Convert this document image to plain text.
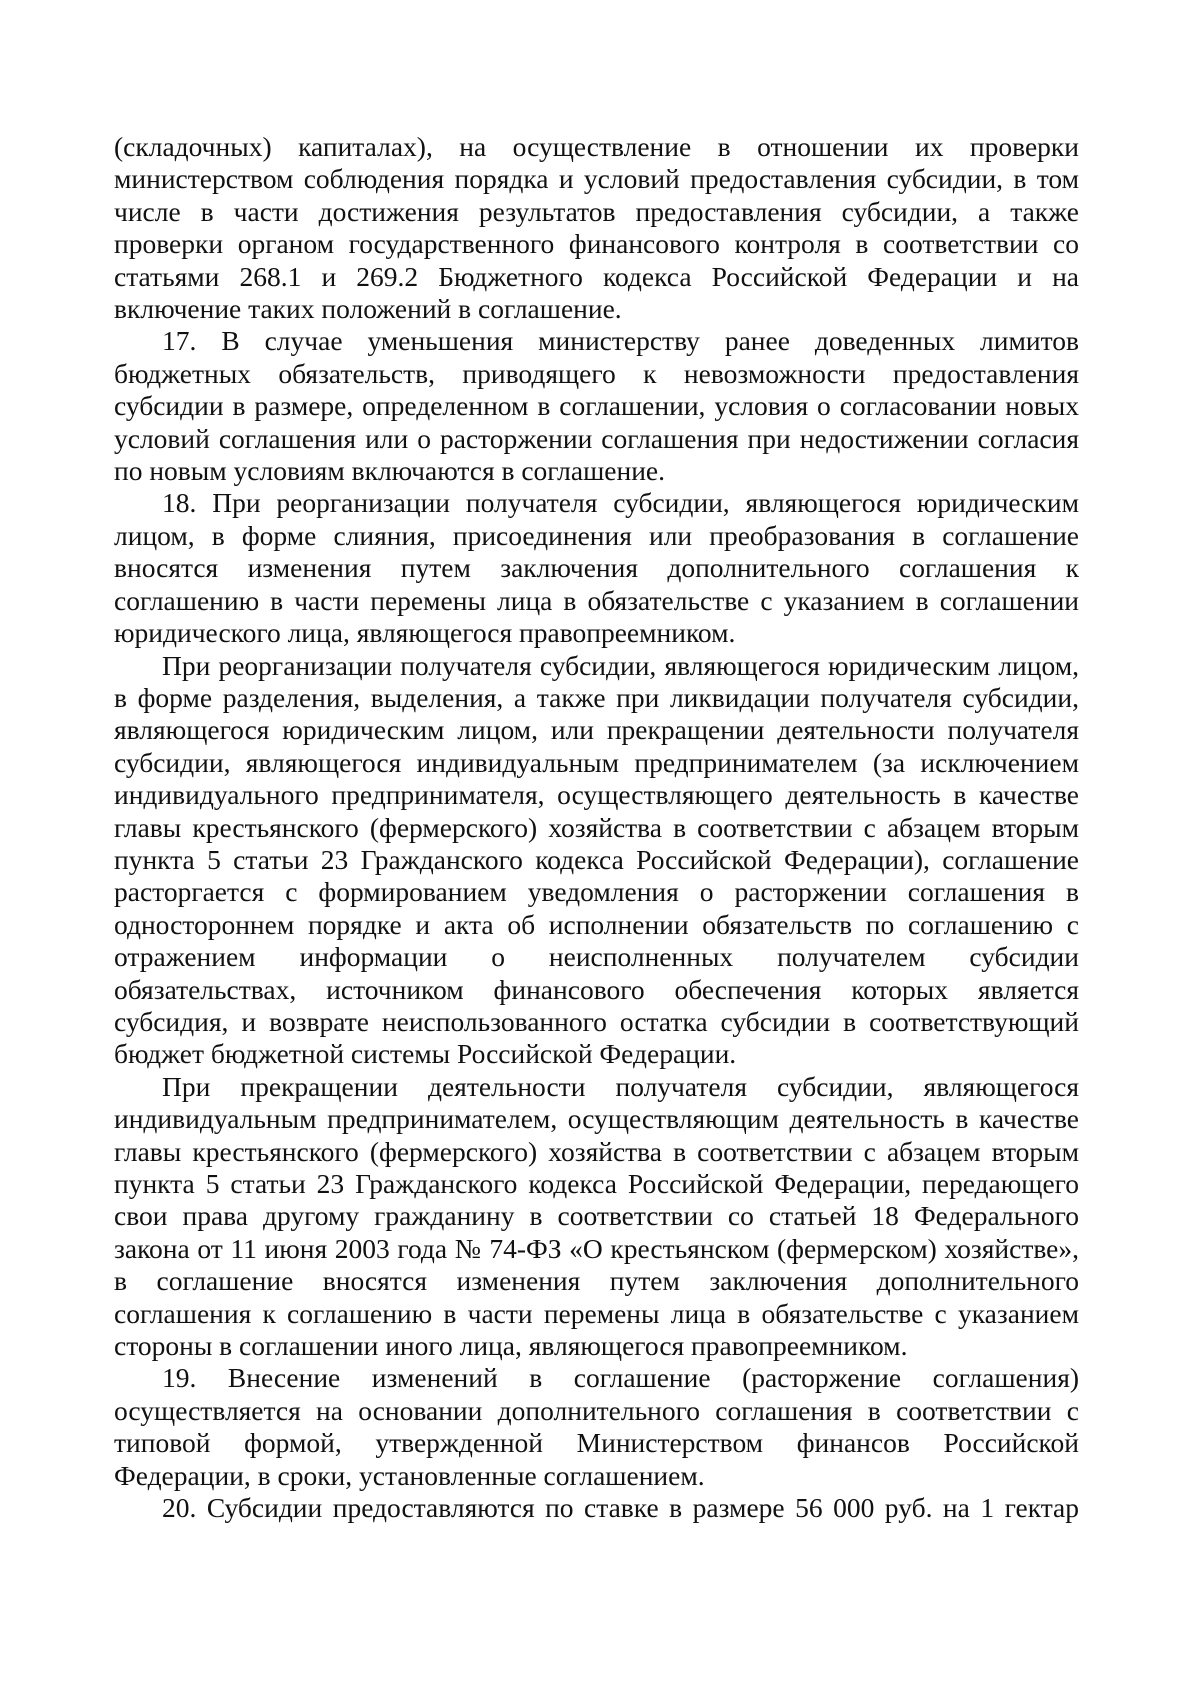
(складочных) капиталах), на осуществление в отношении их проверки министерством соблюдения порядка и условий предоставления субсидии, в том числе в части достижения результатов предоставления субсидии, а также проверки органом государственного финансового контроля в соответствии со статьями 268.1 и 269.2 Бюджетного кодекса Российской Федерации и на включение таких положений в соглашение.

17. В случае уменьшения министерству ранее доведенных лимитов бюджетных обязательств, приводящего к невозможности предоставления субсидии в размере, определенном в соглашении, условия о согласовании новых условий соглашения или о расторжении соглашения при недостижении согласия по новым условиям включаются в соглашение.

18. При реорганизации получателя субсидии, являющегося юридическим лицом, в форме слияния, присоединения или преобразования в соглашение вносятся изменения путем заключения дополнительного соглашения к соглашению в части перемены лица в обязательстве с указанием в соглашении юридического лица, являющегося правопреемником.

При реорганизации получателя субсидии, являющегося юридическим лицом, в форме разделения, выделения, а также при ликвидации получателя субсидии, являющегося юридическим лицом, или прекращении деятельности получателя субсидии, являющегося индивидуальным предпринимателем (за исключением индивидуального предпринимателя, осуществляющего деятельность в качестве главы крестьянского (фермерского) хозяйства в соответствии с абзацем вторым пункта 5 статьи 23 Гражданского кодекса Российской Федерации), соглашение расторгается с формированием уведомления о расторжении соглашения в одностороннем порядке и акта об исполнении обязательств по соглашению с отражением информации о неисполненных получателем субсидии обязательствах, источником финансового обеспечения которых является субсидия, и возврате неиспользованного остатка субсидии в соответствующий бюджет бюджетной системы Российской Федерации.

При прекращении деятельности получателя субсидии, являющегося индивидуальным предпринимателем, осуществляющим деятельность в качестве главы крестьянского (фермерского) хозяйства в соответствии с абзацем вторым пункта 5 статьи 23 Гражданского кодекса Российской Федерации, передающего свои права другому гражданину в соответствии со статьей 18 Федерального закона от 11 июня 2003 года № 74-ФЗ «О крестьянском (фермерском) хозяйстве», в соглашение вносятся изменения путем заключения дополнительного соглашения к соглашению в части перемены лица в обязательстве с указанием стороны в соглашении иного лица, являющегося правопреемником.

19. Внесение изменений в соглашение (расторжение соглашения) осуществляется на основании дополнительного соглашения в соответствии с типовой формой, утвержденной Министерством финансов Российской Федерации, в сроки, установленные соглашением.

20. Субсидии предоставляются по ставке в размере 56 000 руб. на 1 гектар
